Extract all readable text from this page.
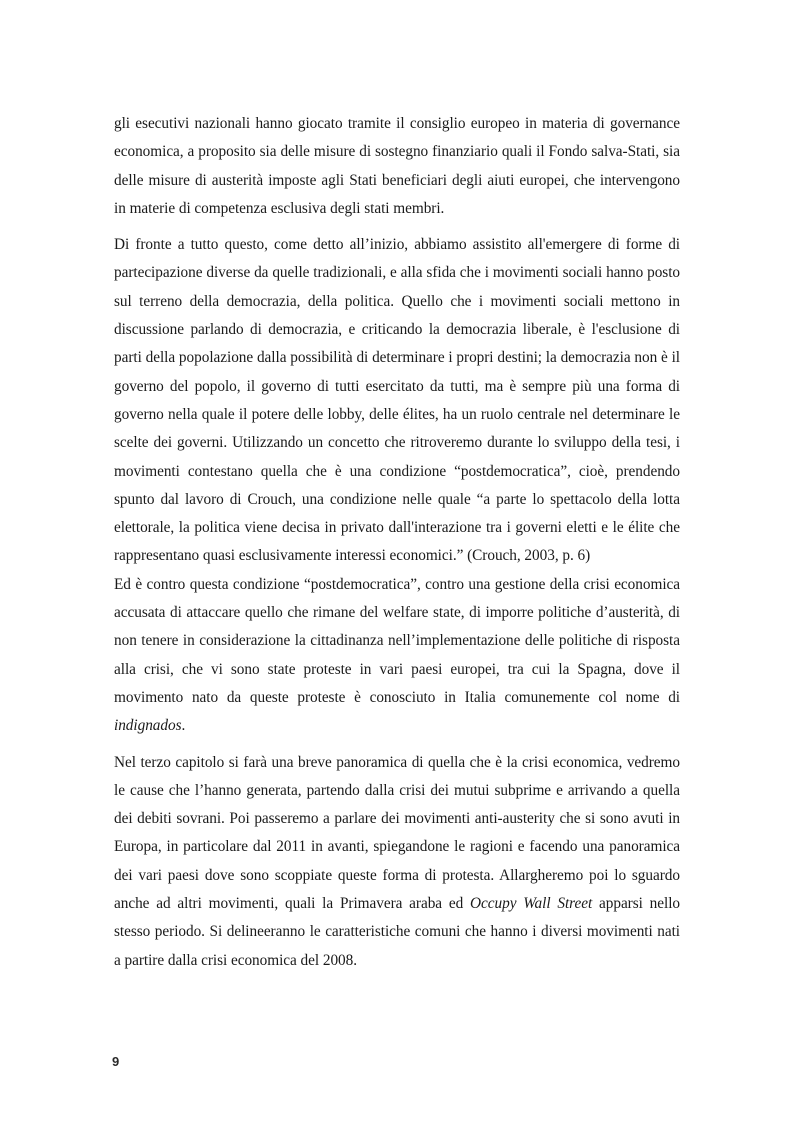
gli esecutivi nazionali hanno giocato tramite il consiglio europeo in materia di governance economica, a proposito sia delle misure di sostegno finanziario quali il Fondo salva-Stati, sia delle misure di austerità imposte agli Stati beneficiari degli aiuti europei, che intervengono in materie di competenza esclusiva degli stati membri.

Di fronte a tutto questo, come detto all’inizio, abbiamo assistito all'emergere di forme di partecipazione diverse da quelle tradizionali, e alla sfida che i movimenti sociali hanno posto sul terreno della democrazia, della politica. Quello che i movimenti sociali mettono in discussione parlando di democrazia, e criticando la democrazia liberale, è l'esclusione di parti della popolazione dalla possibilità di determinare i propri destini; la democrazia non è il governo del popolo, il governo di tutti esercitato da tutti, ma è sempre più una forma di governo nella quale il potere delle lobby, delle élites, ha un ruolo centrale nel determinare le scelte dei governi. Utilizzando un concetto che ritroveremo durante lo sviluppo della tesi, i movimenti contestano quella che è una condizione “postdemocratica”, cioè, prendendo spunto dal lavoro di Crouch, una condizione nelle quale “a parte lo spettacolo della lotta elettorale, la politica viene decisa in privato dall'interazione tra i governi eletti e le élite che rappresentano quasi esclusivamente interessi economici.” (Crouch, 2003, p. 6)

Ed è contro questa condizione “postdemocratica”, contro una gestione della crisi economica accusata di attaccare quello che rimane del welfare state, di imporre politiche d’austerità, di non tenere in considerazione la cittadinanza nell’implementazione delle politiche di risposta alla crisi, che vi sono state proteste in vari paesi europei, tra cui la Spagna, dove il movimento nato da queste proteste è conosciuto in Italia comunemente col nome di indignados.

Nel terzo capitolo si farà una breve panoramica di quella che è la crisi economica, vedremo le cause che l’hanno generata, partendo dalla crisi dei mutui subprime e arrivando a quella dei debiti sovrani. Poi passeremo a parlare dei movimenti anti-austerity che si sono avuti in Europa, in particolare dal 2011 in avanti, spiegandone le ragioni e facendo una panoramica dei vari paesi dove sono scoppiate queste forma di protesta. Allargheremo poi lo sguardo anche ad altri movimenti, quali la Primavera araba ed Occupy Wall Street apparsi nello stesso periodo. Si delineeranno le caratteristiche comuni che hanno i diversi movimenti nati a partire dalla crisi economica del 2008.

9
